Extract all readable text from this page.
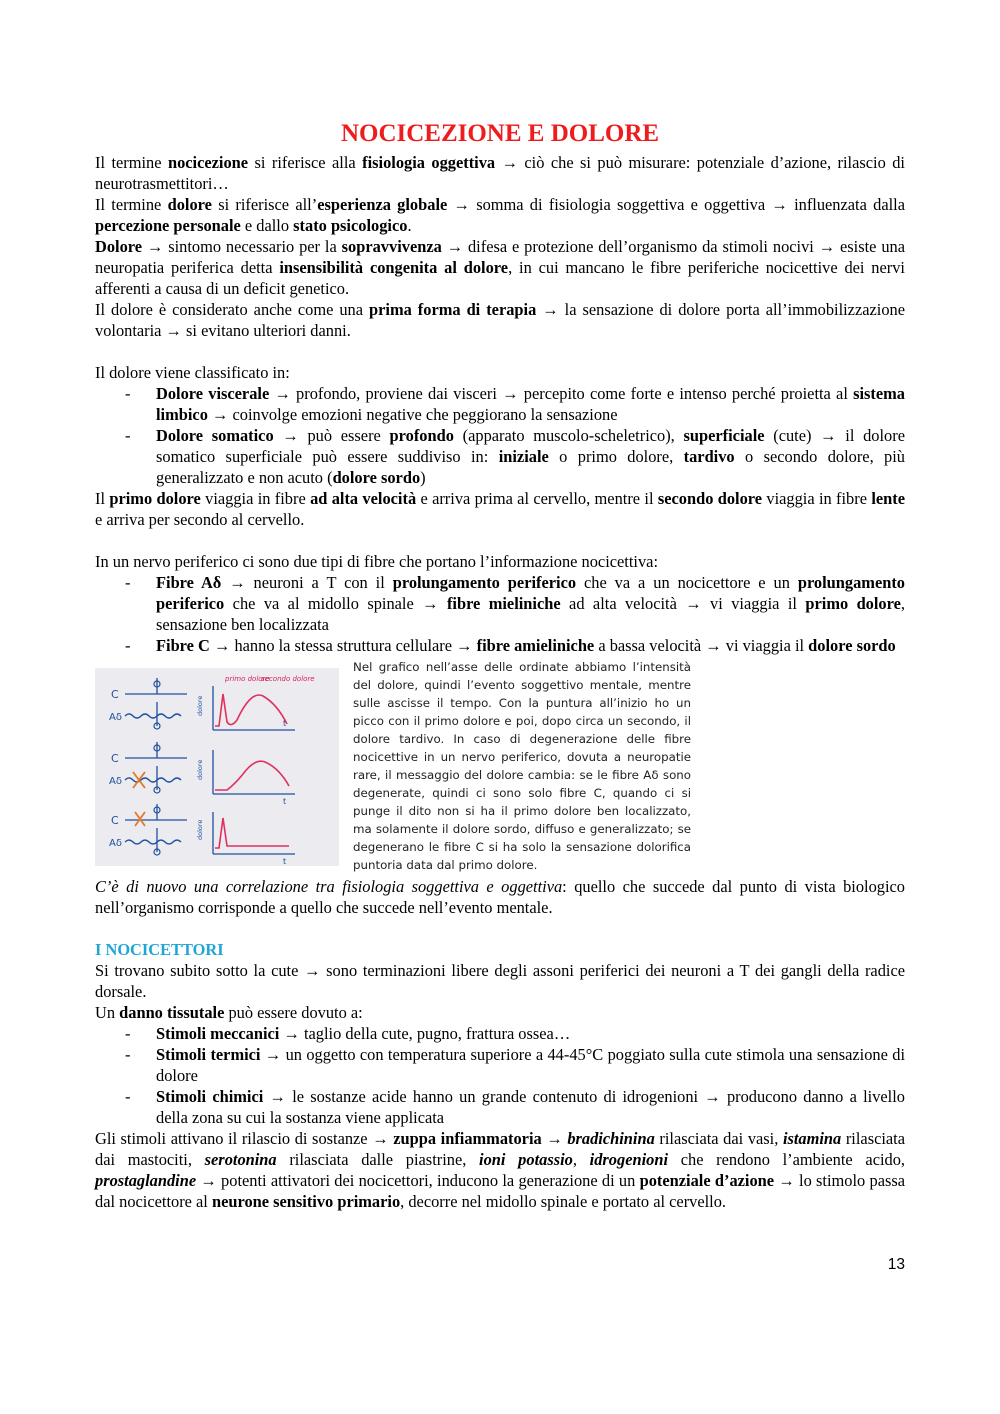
NOCICEZIONE E DOLORE

Il termine nocicezione si riferisce alla fisiologia oggettiva → ciò che si può misurare: potenziale d’azione, rilascio di neurotrasmettitori…

Il termine dolore si riferisce all’esperienza globale → somma di fisiologia soggettiva e oggettiva → influenzata dalla percezione personale e dallo stato psicologico.

Dolore → sintomo necessario per la sopravvivenza → difesa e protezione dell’organismo da stimoli nocivi → esiste una neuropatia periferica detta insensibilità congenita al dolore, in cui mancano le fibre periferiche nocicettive dei nervi afferenti a causa di un deficit genetico.

Il dolore è considerato anche come una prima forma di terapia → la sensazione di dolore porta all’immobilizzazione volontaria → si evitano ulteriori danni.

Il dolore viene classificato in:

- Dolore viscerale → profondo, proviene dai visceri → percepito come forte e intenso perché proietta al sistema limbico → coinvolge emozioni negative che peggiorano la sensazione
- Dolore somatico → può essere profondo (apparato muscolo-scheletrico), superficiale (cute) → il dolore somatico superficiale può essere suddiviso in: iniziale o primo dolore, tardivo o secondo dolore, più generalizzato e non acuto (dolore sordo)

Il primo dolore viaggia in fibre ad alta velocità e arriva prima al cervello, mentre il secondo dolore viaggia in fibre lente e arriva per secondo al cervello.

In un nervo periferico ci sono due tipi di fibre che portano l’informazione nocicettiva:

- Fibre Aδ → neuroni a T con il prolungamento periferico che va a un nocicettore e un prolungamento periferico che va al midollo spinale → fibre mieliniche ad alta velocità → vi viaggia il primo dolore, sensazione ben localizzata
- Fibre C → hanno la stessa struttura cellulare → fibre amieliniche a bassa velocità → vi viaggia il dolore sordo
primo dolore
secondo dolore
C
Aδ
dolore
t
C
Aδ
dolore
t
C
Aδ
dolore
t
Nel grafico nell’asse delle ordinate abbiamo l’intensità del dolore, quindi l’evento soggettivo mentale, mentre sulle ascisse il tempo. Con la puntura all’inizio ho un picco con il primo dolore e poi, dopo circa un secondo, il dolore tardivo. In caso di degenerazione delle fibre nocicettive in un nervo periferico, dovuta a neuropatie rare, il messaggio del dolore cambia: se le fibre Aδ sono degenerate, quindi ci sono solo fibre C, quando ci si punge il dito non si ha il primo dolore ben localizzato, ma solamente il dolore sordo, diffuso e generalizzato; se degenerano le fibre C si ha solo la sensazione dolorifica puntoria data dal primo dolore.

C’è di nuovo una correlazione tra fisiologia soggettiva e oggettiva: quello che succede dal punto di vista biologico nell’organismo corrisponde a quello che succede nell’evento mentale.

I NOCICETTORI

Si trovano subito sotto la cute → sono terminazioni libere degli assoni periferici dei neuroni a T dei gangli della radice dorsale.

Un danno tissutale può essere dovuto a:

- Stimoli meccanici → taglio della cute, pugno, frattura ossea…
- Stimoli termici → un oggetto con temperatura superiore a 44-45°C poggiato sulla cute stimola una sensazione di dolore
- Stimoli chimici → le sostanze acide hanno un grande contenuto di idrogenioni → producono danno a livello della zona su cui la sostanza viene applicata

Gli stimoli attivano il rilascio di sostanze → zuppa infiammatoria → bradichinina rilasciata dai vasi, istamina rilasciata dai mastociti, serotonina rilasciata dalle piastrine, ioni potassio, idrogenioni che rendono l’ambiente acido, prostaglandine → potenti attivatori dei nocicettori, inducono la generazione di un potenziale d’azione → lo stimolo passa dal nocicettore al neurone sensitivo primario, decorre nel midollo spinale e portato al cervello.

13
